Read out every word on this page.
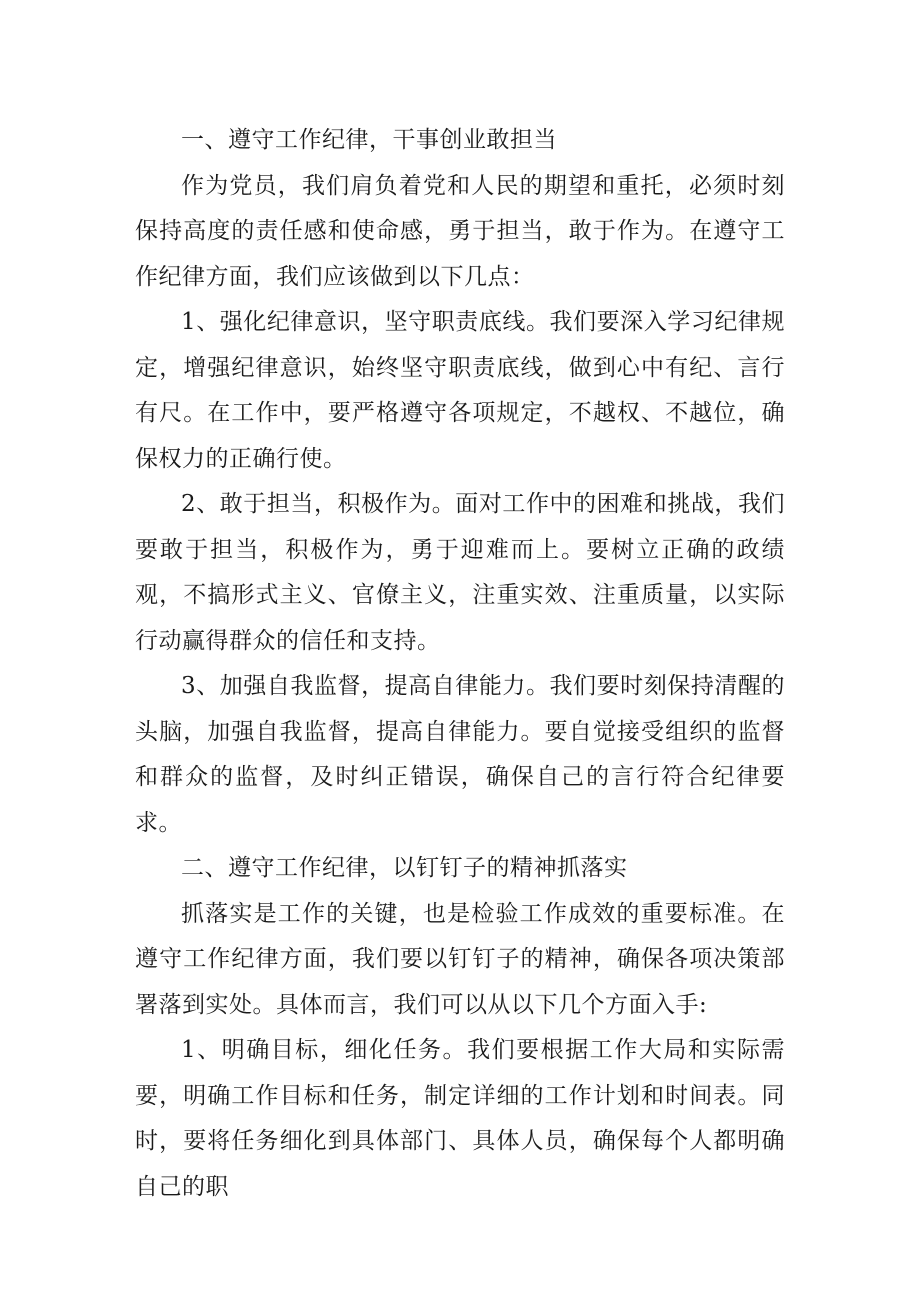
一、遵守工作纪律，干事创业敢担当

作为党员，我们肩负着党和人民的期望和重托，必须时刻保持高度的责任感和使命感，勇于担当，敢于作为。在遵守工作纪律方面，我们应该做到以下几点：

1、强化纪律意识，坚守职责底线。我们要深入学习纪律规定，增强纪律意识，始终坚守职责底线，做到心中有纪、言行有尺。在工作中，要严格遵守各项规定，不越权、不越位，确保权力的正确行使。

2、敢于担当，积极作为。面对工作中的困难和挑战，我们要敢于担当，积极作为，勇于迎难而上。要树立正确的政绩观，不搞形式主义、官僚主义，注重实效、注重质量，以实际行动赢得群众的信任和支持。

3、加强自我监督，提高自律能力。我们要时刻保持清醒的头脑，加强自我监督，提高自律能力。要自觉接受组织的监督和群众的监督，及时纠正错误，确保自己的言行符合纪律要求。

二、遵守工作纪律，以钉钉子的精神抓落实

抓落实是工作的关键，也是检验工作成效的重要标准。在遵守工作纪律方面，我们要以钉钉子的精神，确保各项决策部署落到实处。具体而言，我们可以从以下几个方面入手:

1、明确目标，细化任务。我们要根据工作大局和实际需要，明确工作目标和任务，制定详细的工作计划和时间表。同时，要将任务细化到具体部门、具体人员，确保每个人都明确自己的职
